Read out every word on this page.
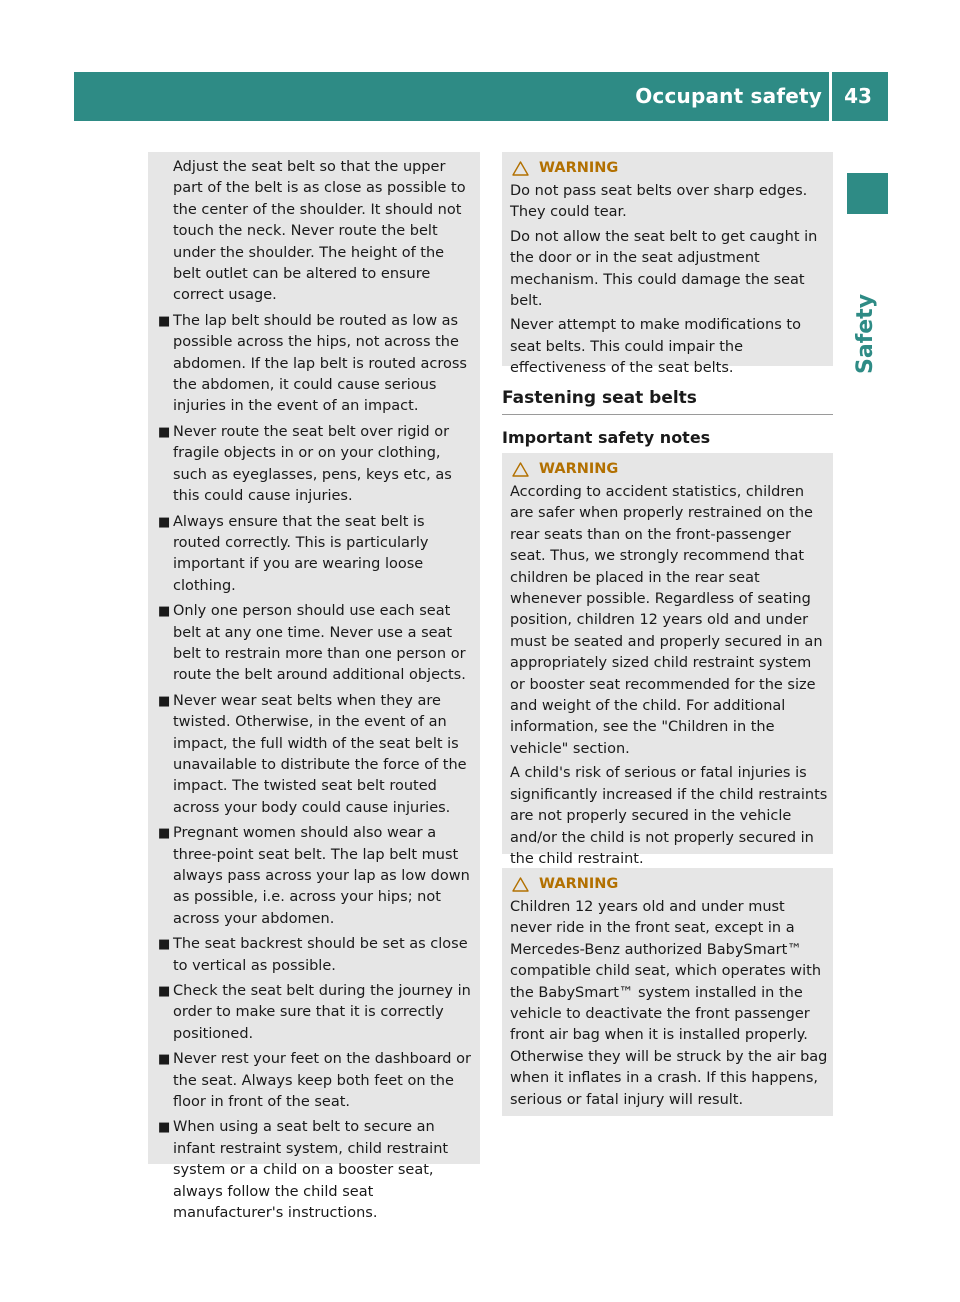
Occupant safety	43
Safety

Adjust the seat belt so that the upper part of the belt is as close as possible to the center of the shoulder. It should not touch the neck. Never route the belt under the shoulder. The height of the belt outlet can be altered to ensure correct usage.

■ The lap belt should be routed as low as possible across the hips, not across the abdomen. If the lap belt is routed across the abdomen, it could cause serious injuries in the event of an impact.
■ Never route the seat belt over rigid or fragile objects in or on your clothing, such as eyeglasses, pens, keys etc, as this could cause injuries.
■ Always ensure that the seat belt is routed correctly. This is particularly important if you are wearing loose clothing.
■ Only one person should use each seat belt at any one time. Never use a seat belt to restrain more than one person or route the belt around additional objects.
■ Never wear seat belts when they are twisted. Otherwise, in the event of an impact, the full width of the seat belt is unavailable to distribute the force of the impact. The twisted seat belt routed across your body could cause injuries.
■ Pregnant women should also wear a three-point seat belt. The lap belt must always pass across your lap as low down as possible, i.e. across your hips; not across your abdomen.
■ The seat backrest should be set as close to vertical as possible.
■ Check the seat belt during the journey in order to make sure that it is correctly positioned.
■ Never rest your feet on the dashboard or the seat. Always keep both feet on the floor in front of the seat.
■ When using a seat belt to secure an infant restraint system, child restraint system or a child on a booster seat, always follow the child seat manufacturer's instructions.
WARNING

Do not pass seat belts over sharp edges. They could tear.

Do not allow the seat belt to get caught in the door or in the seat adjustment mechanism. This could damage the seat belt.

Never attempt to make modifications to seat belts. This could impair the effectiveness of the seat belts.

Fastening seat belts
Important safety notes
WARNING

According to accident statistics, children are safer when properly restrained on the rear seats than on the front-passenger seat. Thus, we strongly recommend that children be placed in the rear seat whenever possible. Regardless of seating position, children 12 years old and under must be seated and properly secured in an appropriately sized child restraint system or booster seat recommended for the size and weight of the child. For additional information, see the "Children in the vehicle" section.

A child's risk of serious or fatal injuries is significantly increased if the child restraints are not properly secured in the vehicle and/or the child is not properly secured in the child restraint.

WARNING

Children 12 years old and under must never ride in the front seat, except in a Mercedes-Benz authorized BabySmart™ compatible child seat, which operates with the BabySmart™ system installed in the vehicle to deactivate the front passenger front air bag when it is installed properly. Otherwise they will be struck by the air bag when it inflates in a crash. If this happens, serious or fatal injury will result.
